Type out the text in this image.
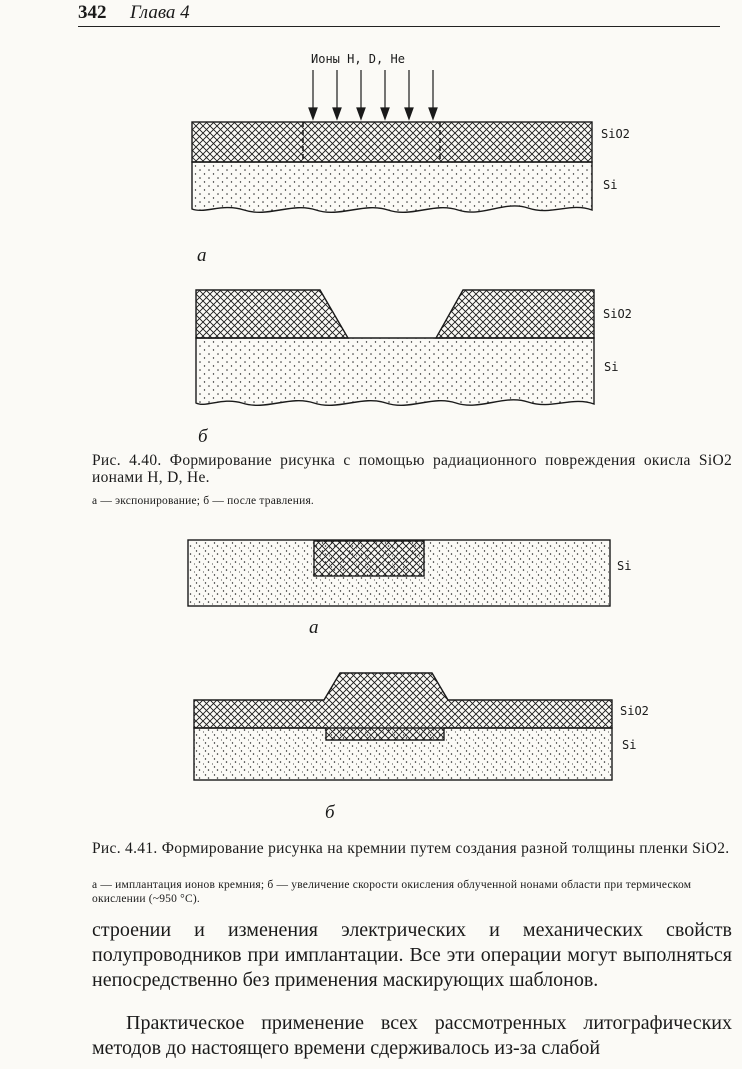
342 Глава 4
Ионы H, D, He
SiO2
Si
а
SiO2
Si
б
Si
а
SiO2
Si
б
Рис. 4.40. Формирование рисунка с помощью радиационного повреждения окисла SiO2 ионами H, D, He.
а — экспонирование; б — после травления.
Рис. 4.41. Формирование рисунка на кремнии путем создания разной толщины пленки SiO2.
а — имплантация ионов кремния; б — увеличение скорости окисления облученной нонами области при термическом окислении (~950 °С).
строении и изменения электрических и механических свойств полупроводников при имплантации. Все эти операции могут выполняться непосредственно без применения маскирующих шаблонов.
Практическое применение всех рассмотренных литографических методов до настоящего времени сдерживалось из-за слабой
